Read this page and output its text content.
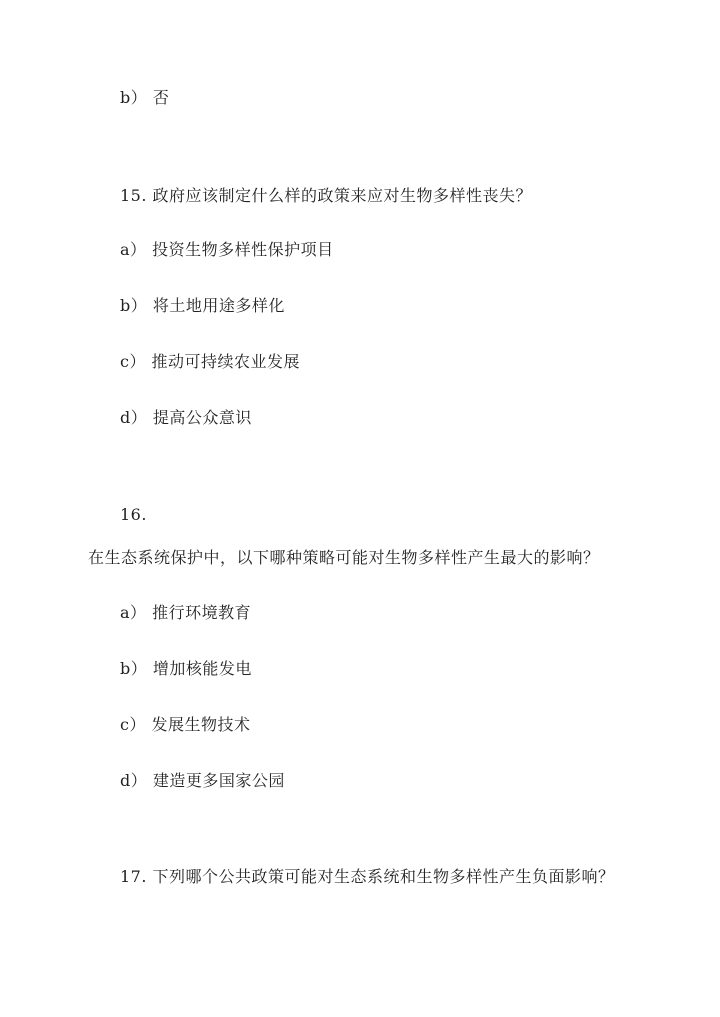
b） 否
15. 政府应该制定什么样的政策来应对生物多样性丧失？
a） 投资生物多样性保护项目
b） 将土地用途多样化
c） 推动可持续农业发展
d） 提高公众意识
16.
在生态系统保护中，以下哪种策略可能对生物多样性产生最大的影响？
a） 推行环境教育
b） 增加核能发电
c） 发展生物技术
d） 建造更多国家公园
17. 下列哪个公共政策可能对生态系统和生物多样性产生负面影响？
